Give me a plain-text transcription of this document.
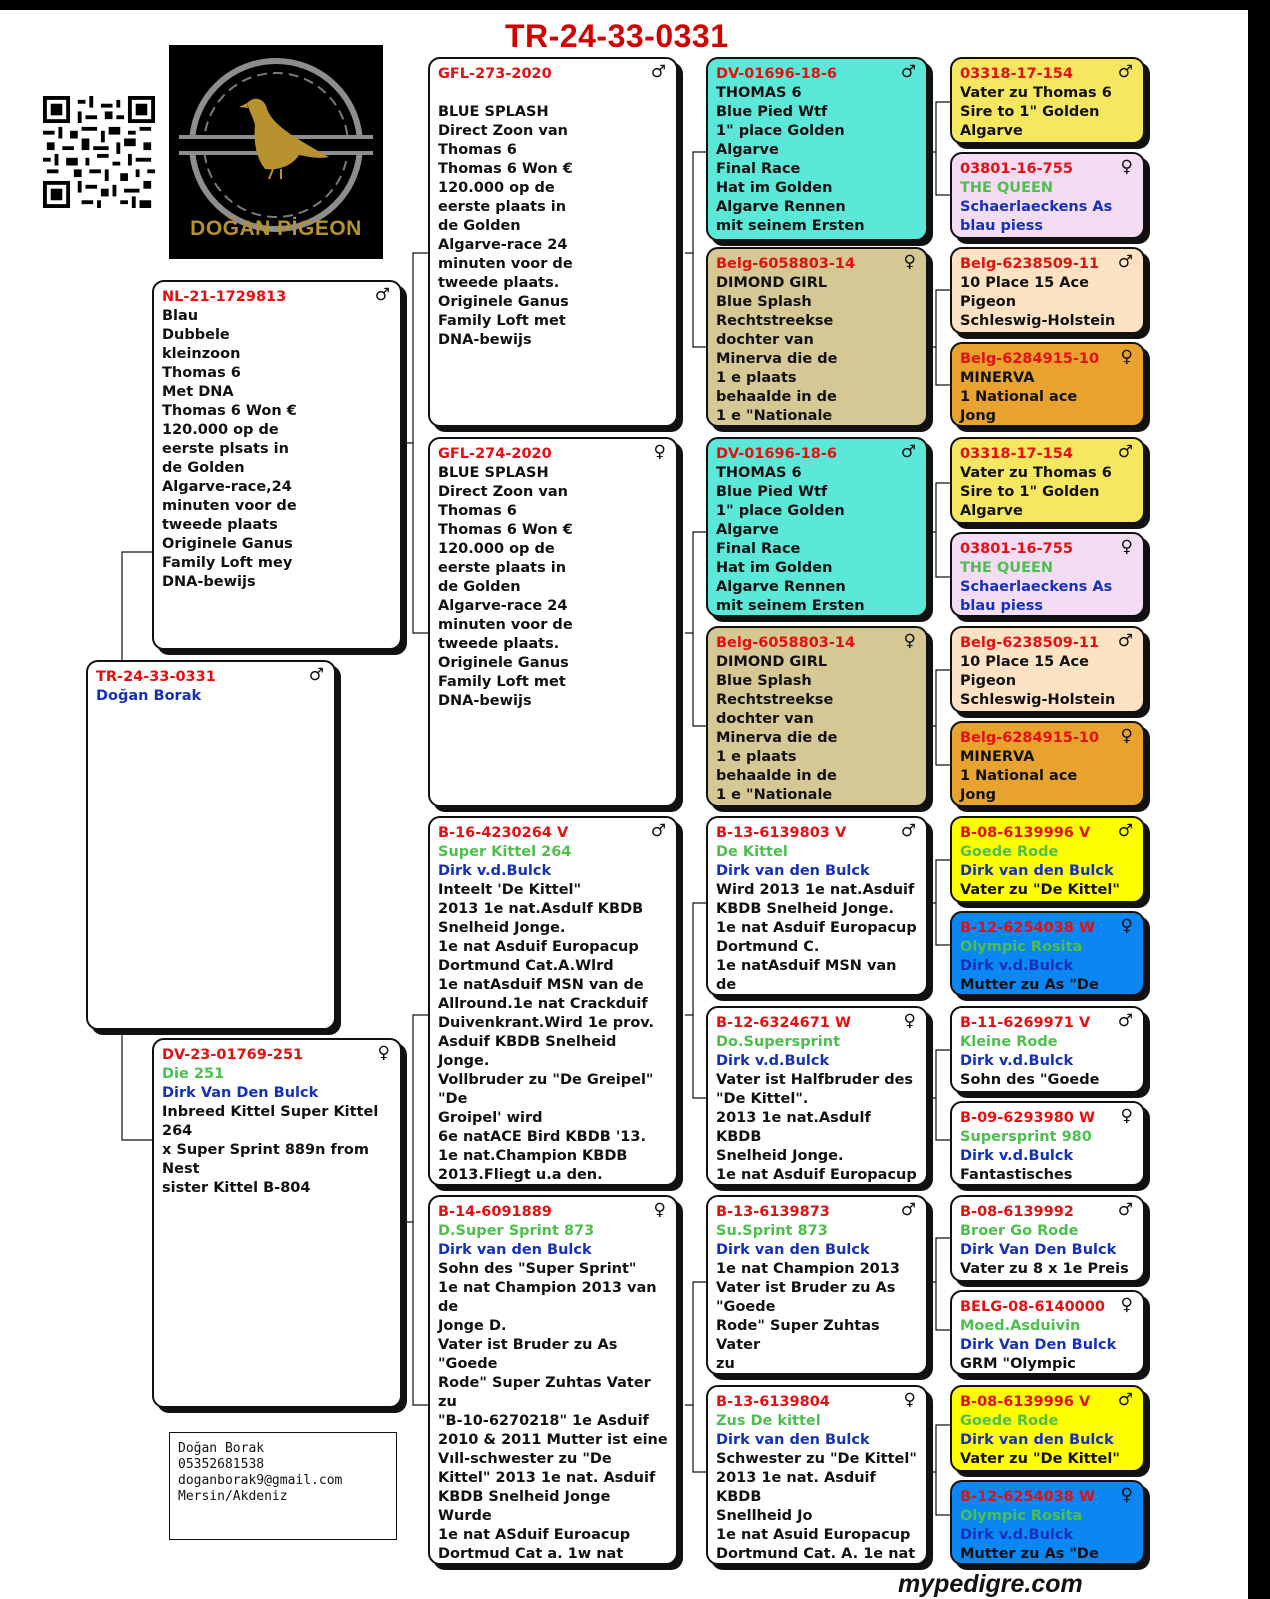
TR-24-33-0331
DOĞAN PİGEON
♂
TR-24-33-0331
Doğan Borak
♂
NL-21-1729813
Blau
Dubbele
kleinzoon
Thomas 6
Met DNA
Thomas 6 Won €
120.000 op de
eerste plsats in
de Golden
Algarve-race,24
minuten voor de
tweede plaats
Originele Ganus
Family Loft mey
DNA-bewijs
♀
DV-23-01769-251
Die 251
Dirk Van Den Bulck
Inbreed Kittel Super Kittel 264
x Super Sprint 889n from Nest
sister Kittel B-804
♂
GFL-273-2020

BLUE SPLASH
Direct Zoon van
Thomas 6
Thomas 6 Won €
120.000 op de
eerste plaats in
de Golden
Algarve-race 24
minuten voor de
tweede plaats.
Originele Ganus
Family Loft met
DNA-bewijs
♀
GFL-274-2020
BLUE SPLASH
Direct Zoon van
Thomas 6
Thomas 6 Won €
120.000 op de
eerste plaats in
de Golden
Algarve-race 24
minuten voor de
tweede plaats.
Originele Ganus
Family Loft met
DNA-bewijs
♂
B-16-4230264 V
Super Kittel 264
Dirk v.d.Bulck
Inteelt 'De Kittel"
2013 1e nat.Asdulf KBDB
Snelheid Jonge.
1e nat Asduif Europacup
Dortmund Cat.A.Wlrd
1e natAsduif MSN van de
Allround.1e nat Crackduif
Duivenkrant.Wird 1e prov.
Asduif KBDB Snelheid Jonge.
Vollbruder zu "De Greipel" "De
Groipel' wird
6e natACE Bird KBDB '13.
1e nat.Champion KBDB
2013.Fliegt u.a den.

♀
B-14-6091889
D.Super Sprint 873
Dirk van den Bulck
Sohn des "Super Sprint"
1e nat Champion 2013 van de
Jonge D.
Vater ist Bruder zu As "Goede
Rode" Super Zuhtas Vater zu
"B-10-6270218" 1e Asduif
2010 & 2011 Mutter ist eine
Vıll-schwester zu "De
Kittel" 2013 1e nat. Asduif
KBDB Snelheid Jonge Wurde
1e nat ASduif Euroacup
Dortmud Cat a. 1w nat

♂
DV-01696-18-6
THOMAS 6
Blue Pied Wtf
1" place Golden
Algarve
Final Race
Hat im Golden
Algarve Rennen
mit seinem Ersten
♀
Belg-6058803-14
DIMOND GIRL
Blue Splash
Rechtstreekse
dochter van
Minerva die de
1 e plaats
behaalde in de
1 e "Nationale
♂
DV-01696-18-6
THOMAS 6
Blue Pied Wtf
1" place Golden
Algarve
Final Race
Hat im Golden
Algarve Rennen
mit seinem Ersten
♀
Belg-6058803-14
DIMOND GIRL
Blue Splash
Rechtstreekse
dochter van
Minerva die de
1 e plaats
behaalde in de
1 e "Nationale
♂
B-13-6139803 V
De Kittel
Dirk van den Bulck
Wird 2013 1e nat.Asduif
KBDB Snelheid Jonge.
1e nat Asduif Europacup
Dortmund C.
1e natAsduif MSN van de

♀
B-12-6324671 W
Do.Supersprint
Dirk v.d.Bulck
Vater ist Halfbruder des
"De Kittel".
2013 1e nat.Asdulf KBDB
Snelheid Jonge.
1e nat Asduif Europacup

♂
B-13-6139873
Su.Sprint 873
Dirk van den Bulck
1e nat Champion 2013
Vater ist Bruder zu As
"Goede
Rode" Super Zuhtas Vater
zu

♀
B-13-6139804
Zus De kittel
Dirk van den Bulck
Schwester zu "De Kittel"
2013 1e nat. Asduif KBDB
Snellheid Jo
1e nat Asuid Europacup
Dortmund Cat. A. 1e nat

♂
03318-17-154
Vater zu Thomas 6
Sire to 1" Golden
Algarve
♀
03801-16-755
THE QUEEN
Schaerlaeckens As
blau piess
♂
Belg-6238509-11
10 Place 15 Ace
Pigeon
Schleswig-Holstein
♀
Belg-6284915-10
MINERVA
1 National ace
Jong
♂
03318-17-154
Vater zu Thomas 6
Sire to 1" Golden
Algarve
♀
03801-16-755
THE QUEEN
Schaerlaeckens As
blau piess
♂
Belg-6238509-11
10 Place 15 Ace
Pigeon
Schleswig-Holstein
♀
Belg-6284915-10
MINERVA
1 National ace
Jong
♂
B-08-6139996 V
Goede Rode
Dirk van den Bulck
Vater zu "De Kittel"
♀
B-12-6254038 W
Olympic Rosita
Dirk v.d.Bulck
Mutter zu As "De
♂
B-11-6269971 V
Kleine Rode
Dirk v.d.Bulck
Sohn des "Goede
♀
B-09-6293980 W
Supersprint 980
Dirk v.d.Bulck
Fantastisches
♂
B-08-6139992
Broer Go Rode
Dirk Van Den Bulck
Vater zu 8 x 1e Preis
♀
BELG-08-6140000
Moed.Asduivin
Dirk Van Den Bulck
GRM "Olympic
♂
B-08-6139996 V
Goede Rode
Dirk van den Bulck
Vater zu "De Kittel"
♀
B-12-6254038 W
Olympic Rosita
Dirk v.d.Bulck
Mutter zu As "De
Doğan Borak
05352681538
doganborak9@gmail.com
Mersin/Akdeniz
mypedigre.com
